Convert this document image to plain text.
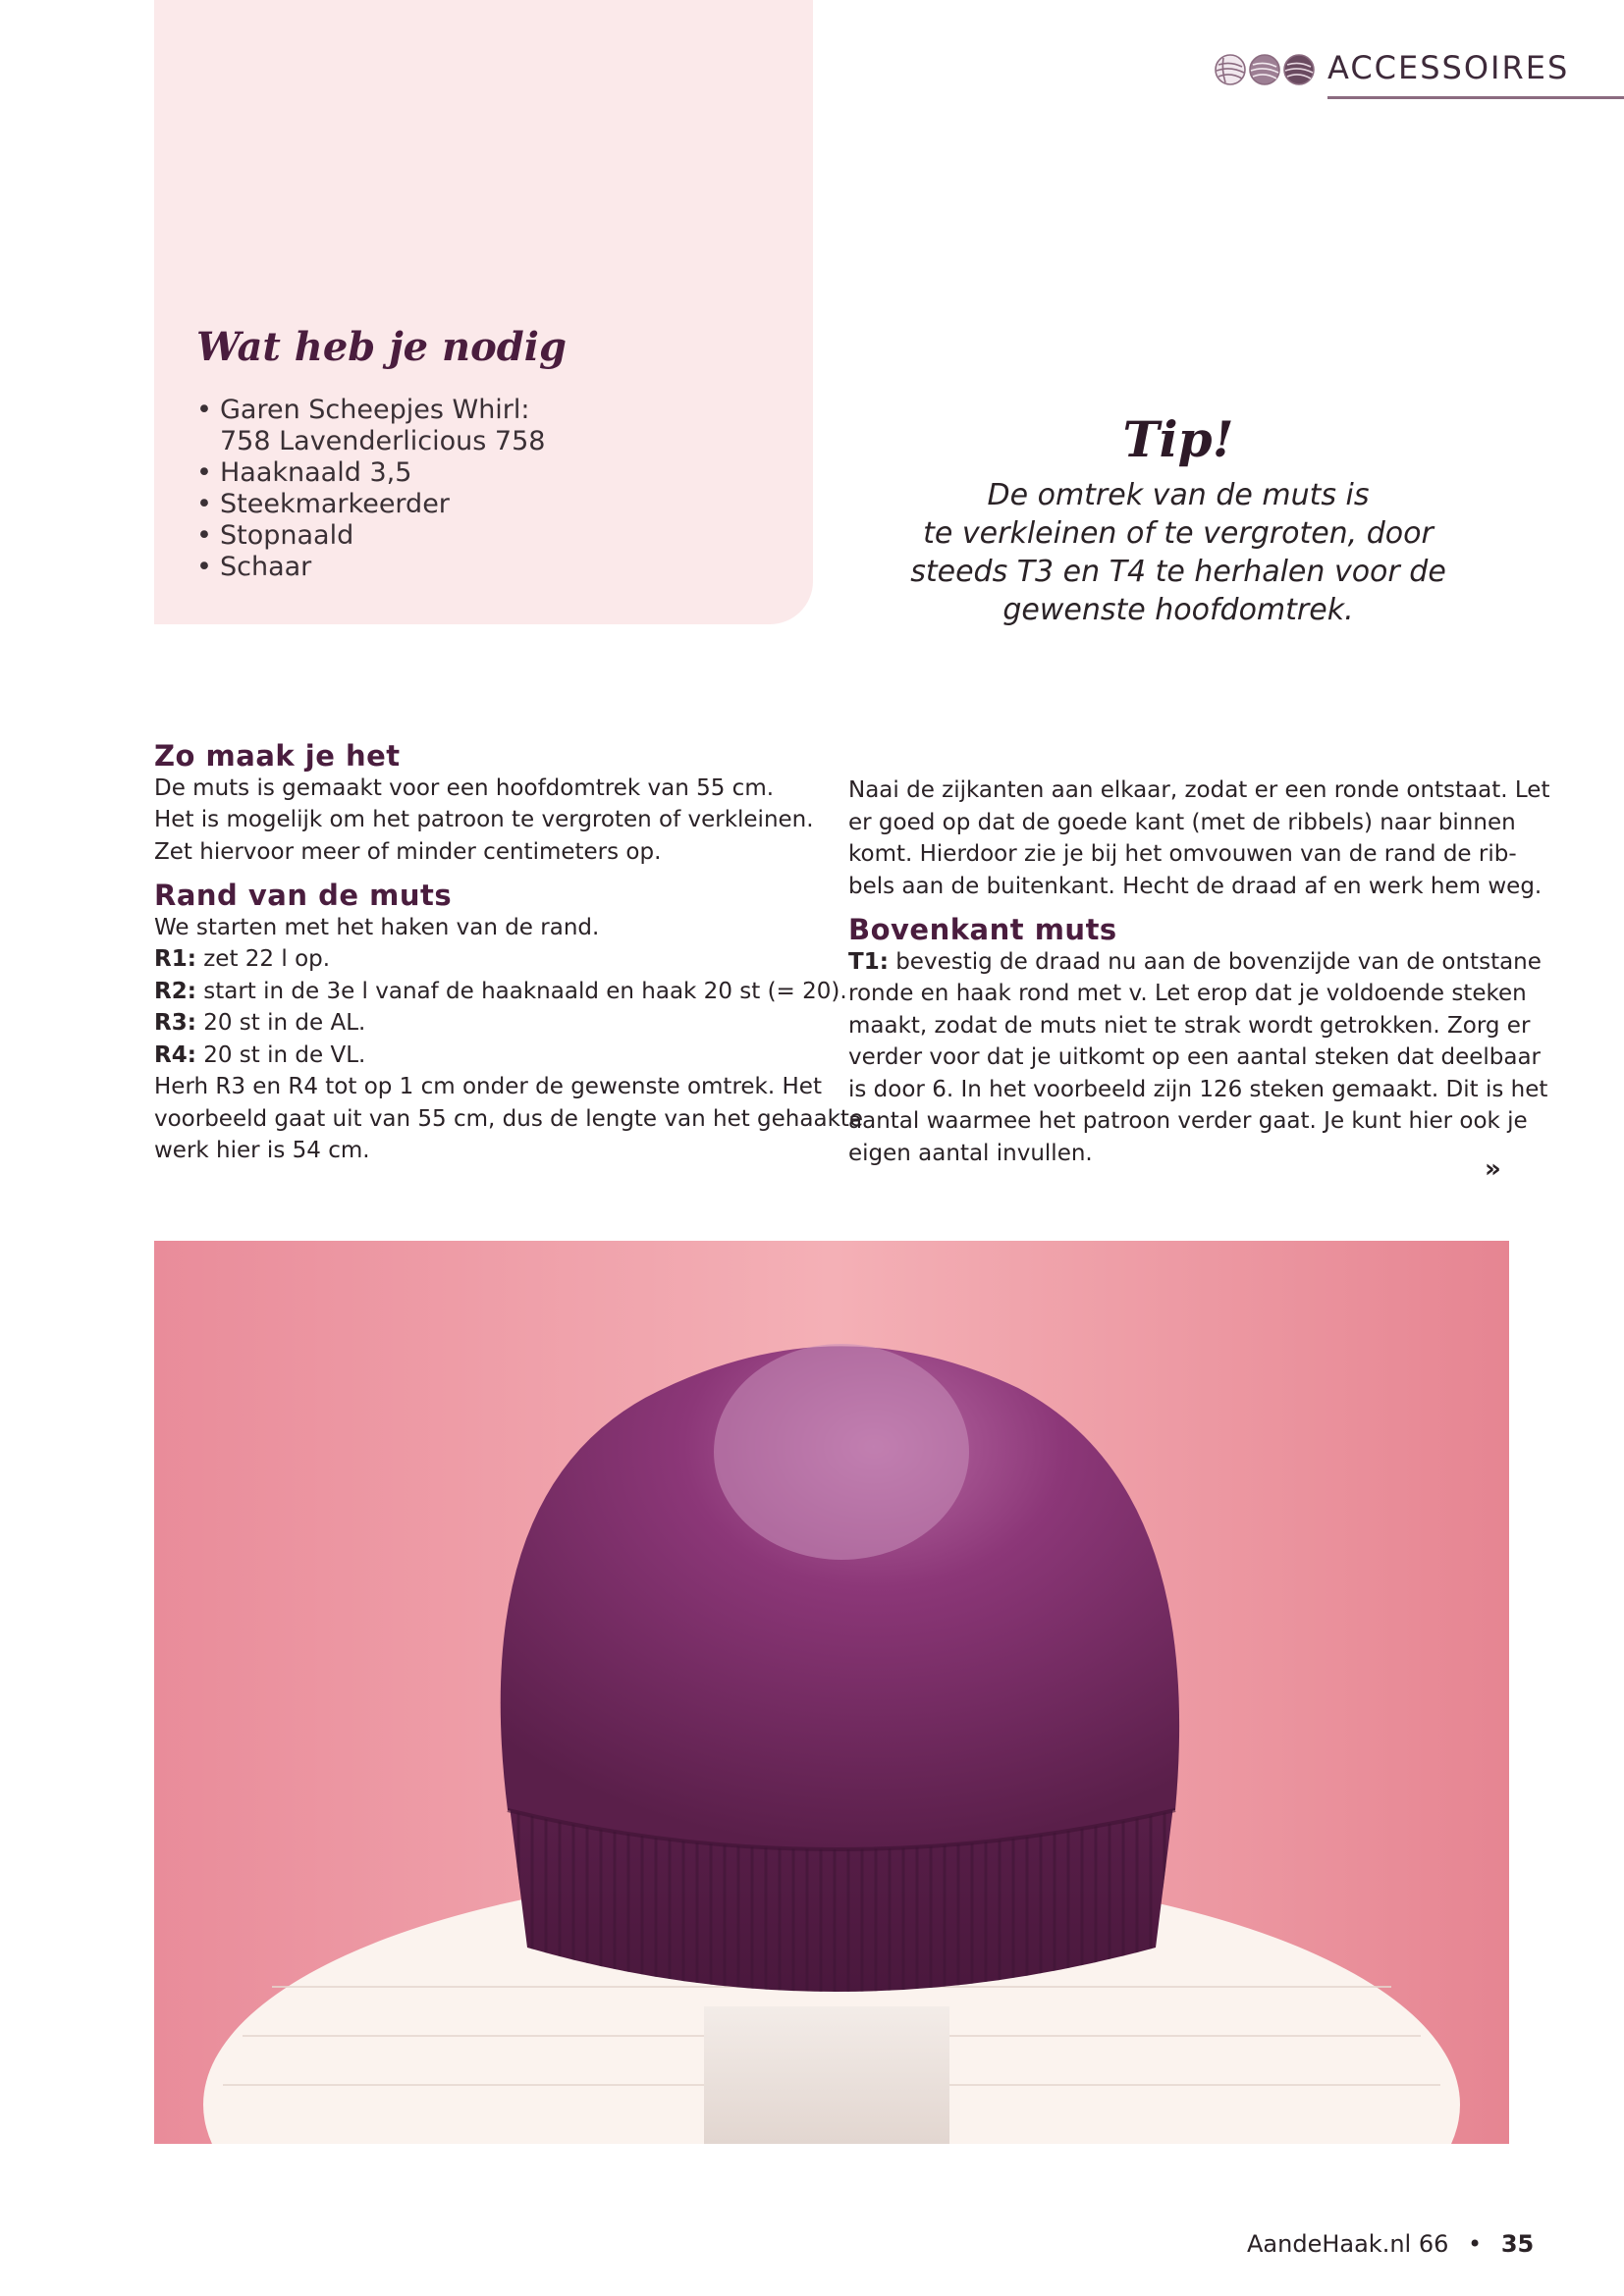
ACCESSOIRES
Wat heb je nodig
• Garen Scheepjes Whirl:
758 Lavenderlicious 758
• Haaknaald 3,5
• Steekmarkeerder
• Stopnaald
• Schaar
Tip!
De omtrek van de muts is
te verkleinen of te vergroten, door
steeds T3 en T4 te herhalen voor de
gewenste hoofdomtrek.
Zo maak je het
De muts is gemaakt voor een hoofdomtrek van 55 cm.
Het is mogelijk om het patroon te vergroten of verkleinen.
Zet hiervoor meer of minder centimeters op.
Rand van de muts
We starten met het haken van de rand.
R1: zet 22 l op.
R2: start in de 3e l vanaf de haaknaald en haak 20 st (= 20).
R3: 20 st in de AL.
R4: 20 st in de VL.
Herh R3 en R4 tot op 1 cm onder de gewenste omtrek. Het
voorbeeld gaat uit van 55 cm, dus de lengte van het gehaakte
werk hier is 54 cm.
Naai de zijkanten aan elkaar, zodat er een ronde ontstaat. Let
er goed op dat de goede kant (met de ribbels) naar binnen
komt. Hierdoor zie je bij het omvouwen van de rand de rib-
bels aan de buitenkant. Hecht de draad af en werk hem weg.
Bovenkant muts
T1: bevestig de draad nu aan de bovenzijde van de ontstane
ronde en haak rond met v. Let erop dat je voldoende steken
maakt, zodat de muts niet te strak wordt getrokken. Zorg er
verder voor dat je uitkomt op een aantal steken dat deelbaar
is door 6. In het voorbeeld zijn 126 steken gemaakt. Dit is het
aantal waarmee het patroon verder gaat. Je kunt hier ook je
eigen aantal invullen.
»
AandeHaak.nl 66 • 35
